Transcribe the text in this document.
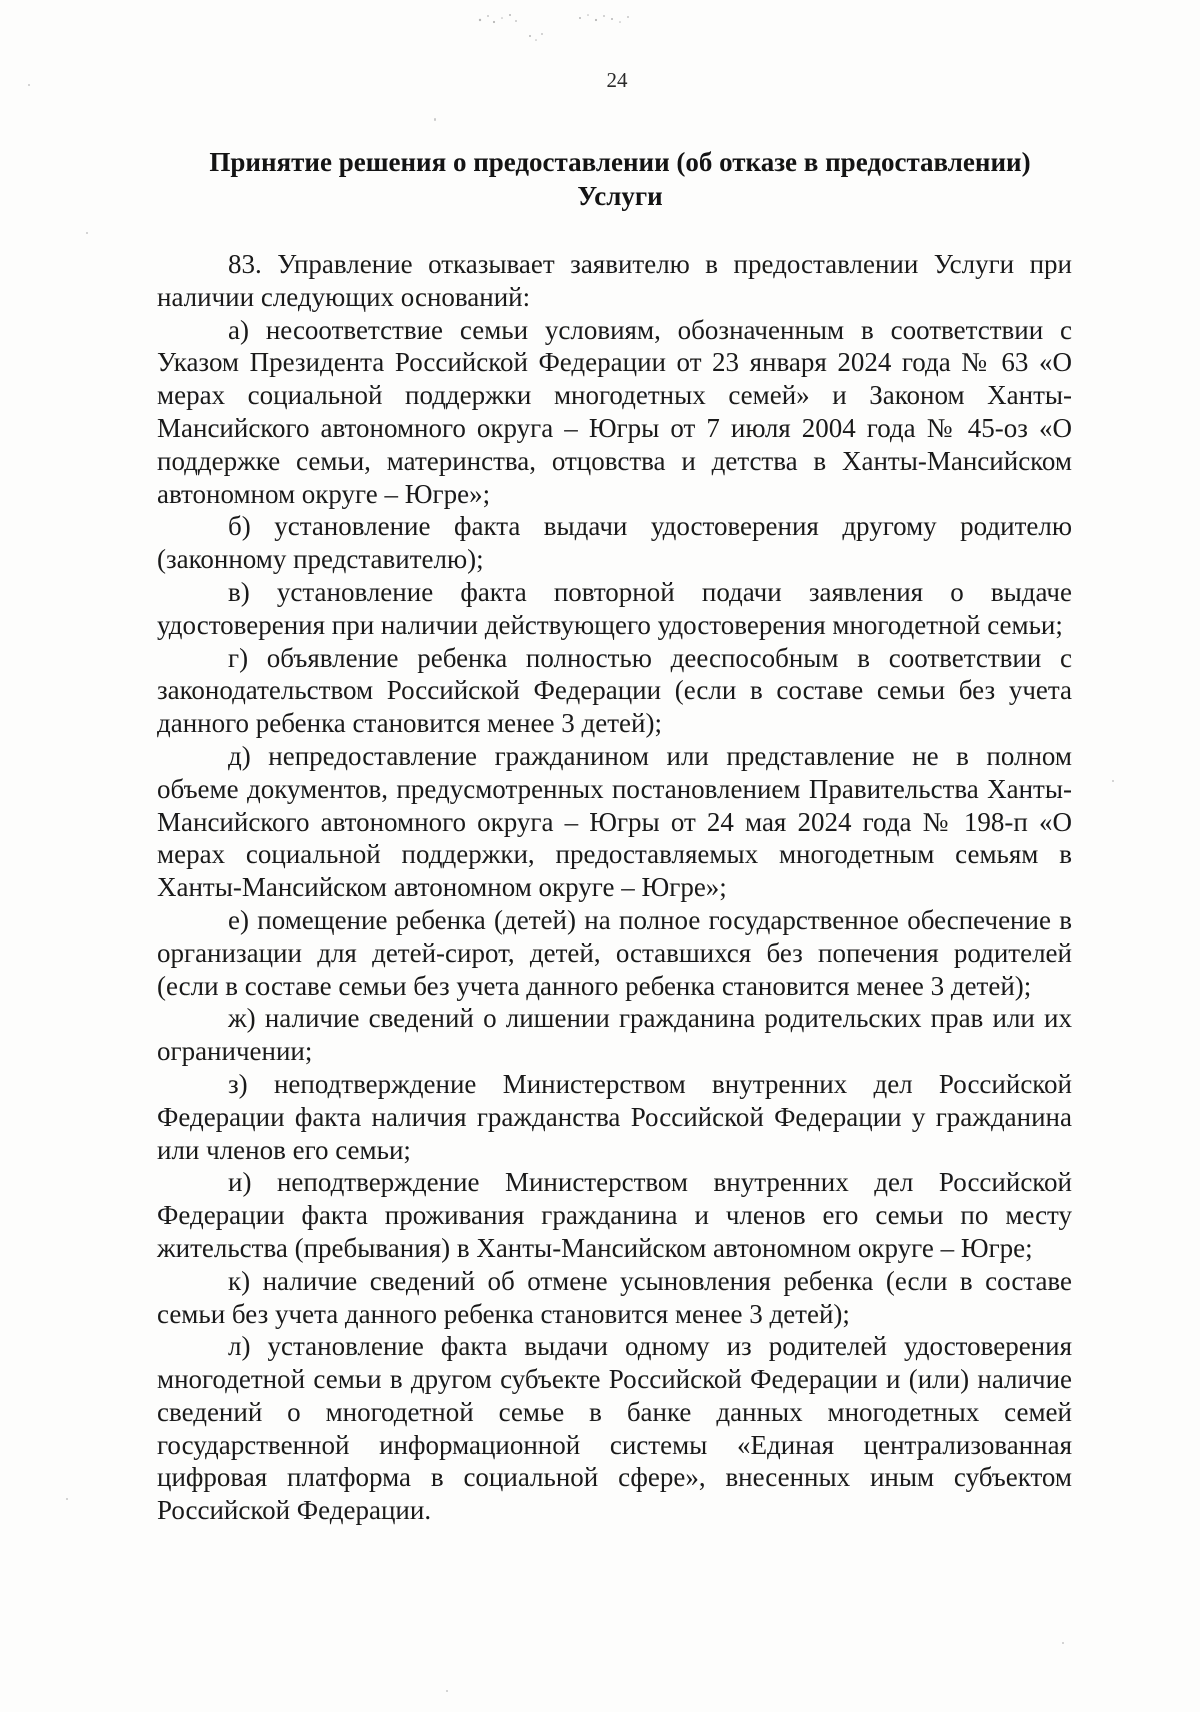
24
Принятие решения о предоставлении (об отказе в предоставлении)
Услуги

83. Управление отказывает заявителю в предоставлении Услуги при наличии следующих оснований:

а) несоответствие семьи условиям, обозначенным в соответствии с Указом Президента Российской Федерации от 23 января 2024 года № 63 «О мерах социальной поддержки многодетных семей» и Законом Ханты-Мансийского автономного округа – Югры от 7 июля 2004 года № 45-оз «О поддержке семьи, материнства, отцовства и детства в Ханты-Мансийском автономном округе – Югре»;

б) установление факта выдачи удостоверения другому родителю (законному представителю);

в) установление факта повторной подачи заявления о выдаче удостоверения при наличии действующего удостоверения многодетной семьи;

г) объявление ребенка полностью дееспособным в соответствии с законодательством Российской Федерации (если в составе семьи без учета данного ребенка становится менее 3 детей);

д) непредоставление гражданином или представление не в полном объеме документов, предусмотренных постановлением Правительства Ханты-Мансийского автономного округа – Югры от 24 мая 2024 года № 198-п «О мерах социальной поддержки, предоставляемых многодетным семьям в Ханты-Мансийском автономном округе – Югре»;

е) помещение ребенка (детей) на полное государственное обеспечение в организации для детей-сирот, детей, оставшихся без попечения родителей (если в составе семьи без учета данного ребенка становится менее 3 детей);

ж) наличие сведений о лишении гражданина родительских прав или их ограничении;

з) неподтверждение Министерством внутренних дел Российской Федерации факта наличия гражданства Российской Федерации у гражданина или членов его семьи;

и) неподтверждение Министерством внутренних дел Российской Федерации факта проживания гражданина и членов его семьи по месту жительства (пребывания) в Ханты-Мансийском автономном округе – Югре;

к) наличие сведений об отмене усыновления ребенка (если в составе семьи без учета данного ребенка становится менее 3 детей);

л) установление факта выдачи одному из родителей удостоверения многодетной семьи в другом субъекте Российской Федерации и (или) наличие сведений о многодетной семье в банке данных многодетных семей государственной информационной системы «Единая централизованная цифровая платформа в социальной сфере», внесенных иным субъектом Российской Федерации.
